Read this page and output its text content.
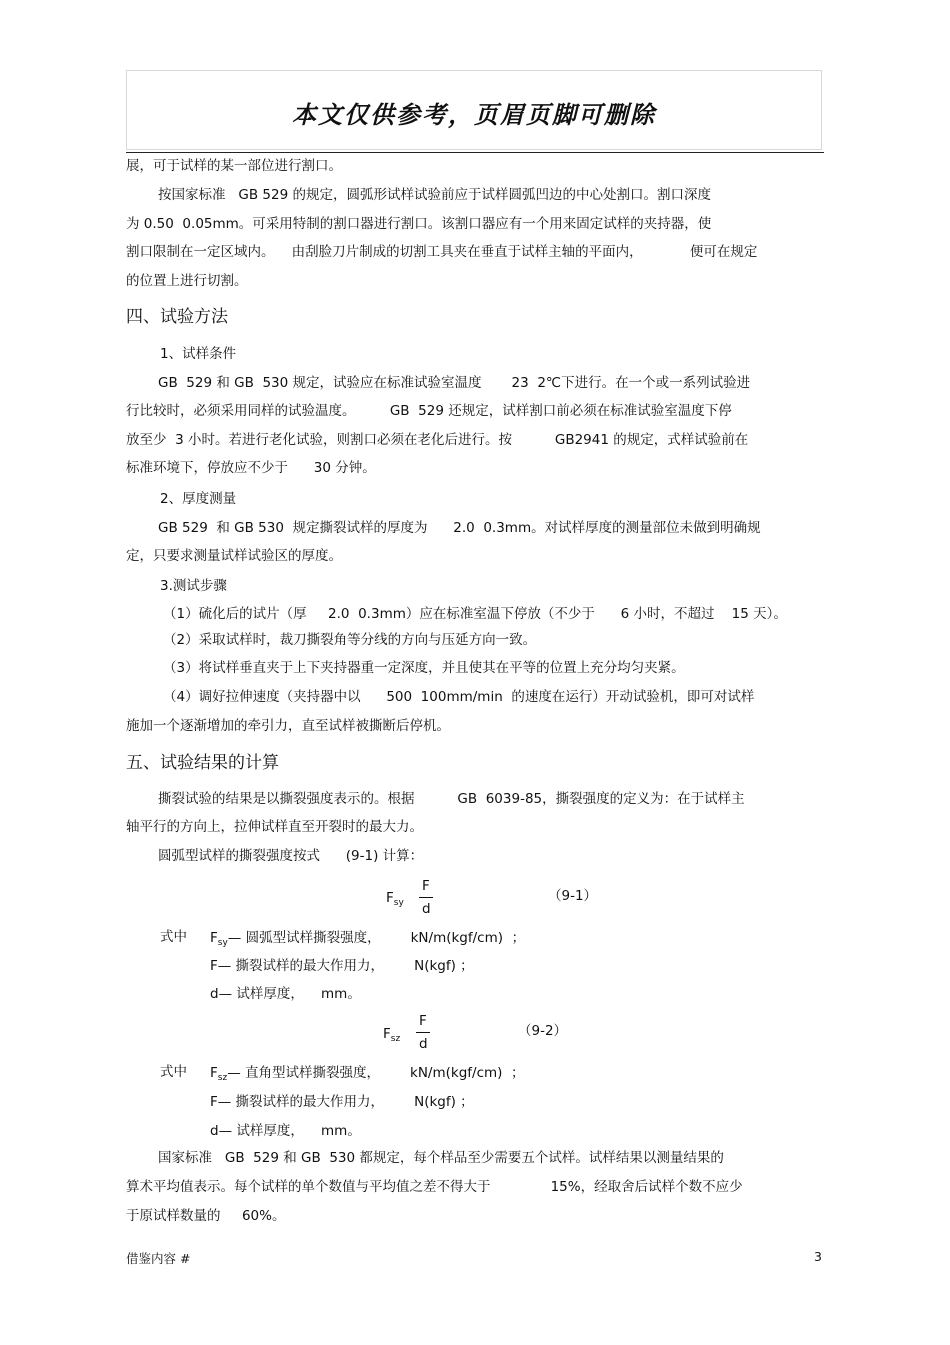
本文仅供参考，页眉页脚可删除
展，可于试样的某一部位进行割口。
按国家标准   GB 529 的规定，圆弧形试样试验前应于试样圆弧凹边的中心处割口。割口深度
为 0.50  0.05mm。可采用特制的割口器进行割口。该割口器应有一个用来固定试样的夹持器，使
割口限制在一定区域内。    由刮脸刀片制成的切割工具夹在垂直于试样主轴的平面内，           便可在规定
的位置上进行切割。
四、试验方法
1、试样条件
GB  529 和 GB  530 规定，试验应在标准试验室温度       23  2℃下进行。在一个或一系列试验进
行比较时，必须采用同样的试验温度。        GB  529 还规定，试样割口前必须在标准试验室温度下停
放至少  3 小时。若进行老化试验，则割口必须在老化后进行。按          GB2941 的规定，式样试验前在
标准环境下，停放应不少于      30 分钟。
2、厚度测量
GB 529  和 GB 530  规定撕裂试样的厚度为      2.0  0.3mm。对试样厚度的测量部位未做到明确规
定，只要求测量试样试验区的厚度。
3.测试步骤
（1）硫化后的试片（厚     2.0  0.3mm）应在标准室温下停放（不少于      6 小时，不超过    15 天）。
（2）采取试样时，裁刀撕裂角等分线的方向与压延方向一致。
（3）将试样垂直夹于上下夹持器重一定深度，并且使其在平等的位置上充分均匀夹紧。
（4）调好拉伸速度（夹持器中以      500  100mm/min  的速度在运行）开动试验机，即可对试样
施加一个逐渐增加的牵引力，直至试样被撕断后停机。
五、试验结果的计算
撕裂试验的结果是以撕裂强度表示的。根据          GB  6039-85，撕裂强度的定义为：在于试样主
轴平行的方向上，拉伸试样直至开裂时的最大力。
圆弧型试样的撕裂强度按式      (9-1) 计算：
$F_{sy}$
F
d
（9-1）
式中 $F_{sy}—$ 圆弧型试样撕裂强度，       kN/m(kgf/cm)  ；
F— 撕裂试样的最大作用力，       N(kgf) ；
d— 试样厚度，    mm。
$F_{sz}$
F
d
（9-2）
式中 $F_{sz}—$ 直角型试样撕裂强度，       kN/m(kgf/cm)  ；
F— 撕裂试样的最大作用力，       N(kgf) ；
d— 试样厚度，    mm。
国家标准   GB  529 和 GB  530 都规定，每个样品至少需要五个试样。试样结果以测量结果的
算术平均值表示。每个试样的单个数值与平均值之差不得大于              15%，经取舍后试样个数不应少
于原试样数量的     60%。
借鉴内容 #	3
